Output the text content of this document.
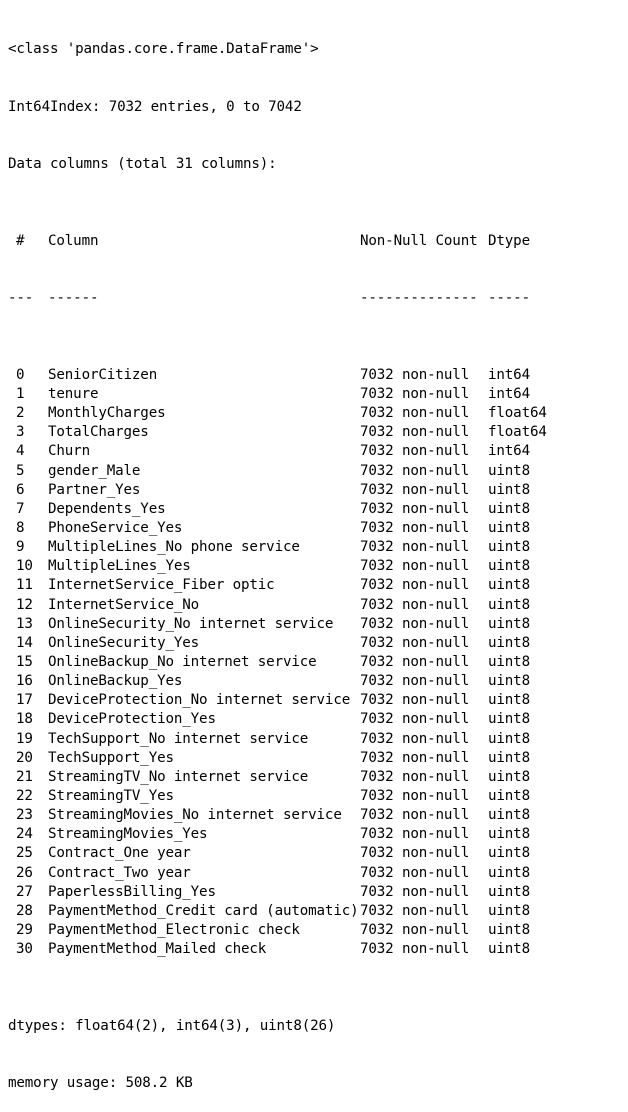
<class 'pandas.core.frame.DataFrame'>

Int64Index: 7032 entries, 0 to 7042

Data columns (total 31 columns):

#	Column	Non-Null Count Dtype

---	------	-------------- -----

0	SeniorCitizen	7032 non-null	int64
1	tenure	7032 non-null	int64
2	MonthlyCharges	7032 non-null	float64
3	TotalCharges	7032 non-null	float64
4	Churn	7032 non-null	int64
5	gender_Male	7032 non-null	uint8
6	Partner_Yes	7032 non-null	uint8
7	Dependents_Yes	7032 non-null	uint8
8	PhoneService_Yes	7032 non-null	uint8
9	MultipleLines_No phone service	7032 non-null	uint8
10	MultipleLines_Yes	7032 non-null	uint8
11	InternetService_Fiber optic	7032 non-null	uint8
12	InternetService_No	7032 non-null	uint8
13	OnlineSecurity_No internet service	7032 non-null	uint8
14	OnlineSecurity_Yes	7032 non-null	uint8
15	OnlineBackup_No internet service	7032 non-null	uint8
16	OnlineBackup_Yes	7032 non-null	uint8
17	DeviceProtection_No internet service 7032 non-null	uint8
18	DeviceProtection_Yes	7032 non-null	uint8
19	TechSupport_No internet service	7032 non-null	uint8
20	TechSupport_Yes	7032 non-null	uint8
21	StreamingTV_No internet service	7032 non-null	uint8
22	StreamingTV_Yes	7032 non-null	uint8
23	StreamingMovies_No internet service	7032 non-null	uint8
24	StreamingMovies_Yes	7032 non-null	uint8
25	Contract_One year	7032 non-null	uint8
26	Contract_Two year	7032 non-null	uint8
27	PaperlessBilling_Yes	7032 non-null	uint8
28	PaymentMethod_Credit card (automatic) 7032 non-null	uint8
29	PaymentMethod_Electronic check	7032 non-null	uint8
30	PaymentMethod_Mailed check	7032 non-null	uint8

dtypes: float64(2), int64(3), uint8(26)

memory usage: 508.2 KB
